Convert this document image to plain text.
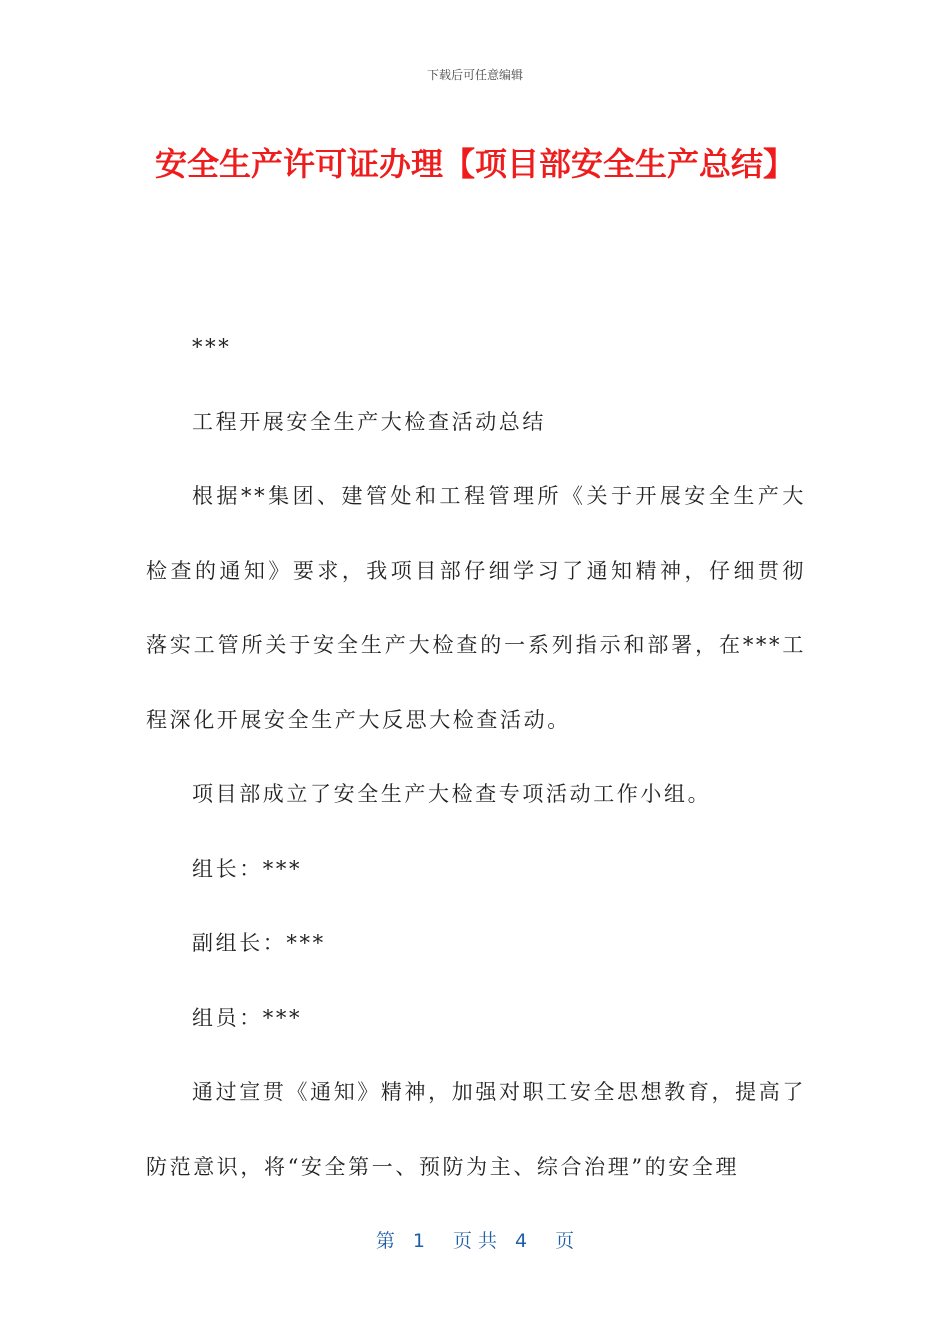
下载后可任意编辑
安全生产许可证办理【项目部安全生产总结】

***

工程开展安全生产大检查活动总结

根据**集团、建管处和工程管理所《关于开展安全生产大检查的通知》要求，我项目部仔细学习了通知精神，仔细贯彻落实工管所关于安全生产大检查的一系列指示和部署，在***工程深化开展安全生产大反思大检查活动。

项目部成立了安全生产大检查专项活动工作小组。

组长：***

副组长：***

组员：***

通过宣贯《通知》精神，加强对职工安全思想教育，提高了防范意识，将“安全第一、预防为主、综合治理”的安全理

第 1 页 共 4 页
